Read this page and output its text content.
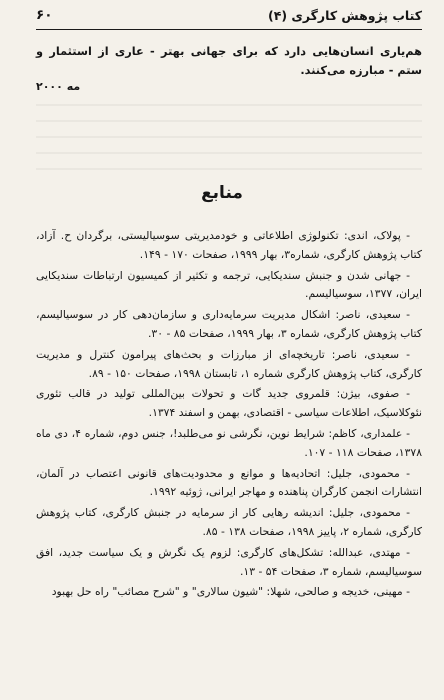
کتاب پژوهش کارگری (۴)
۶۰

هم‌یاری انسان‌هایی دارد که برای جهانی بهتر - عاری از استثمار و ستم - مبارزه می‌کنند.

مه ۲۰۰۰
منابع

- پولاک، اندی: تکنولوژی اطلاعاتی و خودمدیریتی سوسیالیستی، برگردان ح. آزاد، کتاب پژوهش کارگری، شماره۳، بهار ۱۹۹۹، صفحات ۱۷۰ - ۱۴۹.

- جهانی شدن و جنبش سندیکایی، ترجمه و تکثیر از کمیسیون ارتباطات سندیکایی ایران، ۱۳۷۷، سوسیالیسم.

- سعیدی، ناصر: اشکال مدیریت سرمایه‌داری و سازمان‌دهی کار در سوسیالیسم، کتاب پژوهش کارگری، شماره ۳، بهار ۱۹۹۹، صفحات ۸۵ - ۳۰.

- سعیدی، ناصر: تاریخچه‌ای از مبارزات و بحث‌های پیرامون کنترل و مدیریت کارگری، کتاب پژوهش کارگری شماره ۱، تابستان ۱۹۹۸، صفحات ۱۵۰ - ۸۹.

- صفوی، بیژن: قلمروی جدید گات و تحولات بین‌المللی تولید در قالب تئوری نئوکلاسیک، اطلاعات سیاسی - اقتصادی، بهمن و اسفند ۱۳۷۴.

- علمداری، کاظم: شرایط نوین، نگرشی نو می‌طلبد!، جنس دوم، شماره ۴، دی ماه ۱۳۷۸، صفحات ۱۱۸ - ۱۰۷.

- محمودی، جلیل: اتحادیه‌ها و موانع و محدودیت‌های قانونی اعتصاب در آلمان، انتشارات انجمن کارگران پناهنده و مهاجر ایرانی، ژوئیه ۱۹۹۲.

- محمودی، جلیل: اندیشه رهایی کار از سرمایه در جنبش کارگری، کتاب پژوهش کارگری، شماره ۲، پاییز ۱۹۹۸، صفحات ۱۳۸ - ۸۵.

- مهتدی، عبدالله: تشکل‌های کارگری: لزوم یک نگرش و یک سیاست جدید، افق سوسیالیسم، شماره ۳، صفحات ۵۴ - ۱۳.

- مهینی، خدیجه و صالحی، شهلا: "شیون سالاری" و "شرح مصائب" راه حل بهبود
